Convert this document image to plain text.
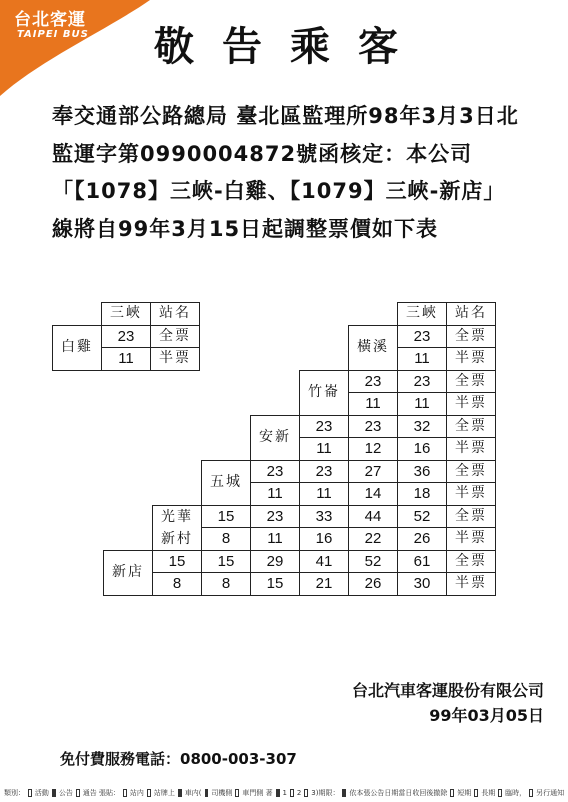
台北客運
TAIPEI BUS	敬告乘客
奉交通部公路總局 臺北區監理所98年3月3日北監運字第0990004872號函核定：本公司「【1078】三峽-白雞、【1079】三峽-新店」線將自99年3月15日起調整票價如下表
	三峽	站名
白雞	23	全票
	11	半票
						三峽	站名
					橫溪	23	全票
						11	半票
				竹崙	23	23	全票
					11	11	半票
			安新	23	23	32	全票
				11	12	16	半票
		五城	23	23	27	36	全票
			11	11	14	18	半票

	光華
新村	15	23	33	44	52	全票
		8	11	16	22	26	半票
新店	15	15	29	41	52	61	全票
	8	8	15	21	26	30	半票
台北汽車客運股份有限公司
99年03月05日
免付費服務電話：0800-003-307
類別： 活動 公告 通告 張貼： 站内 站牌上 車内( 司機側 車門側 著 1 2 3)期限： 依本張公告日期當日收回後撤除 短期 長期 臨時， 另行通知
